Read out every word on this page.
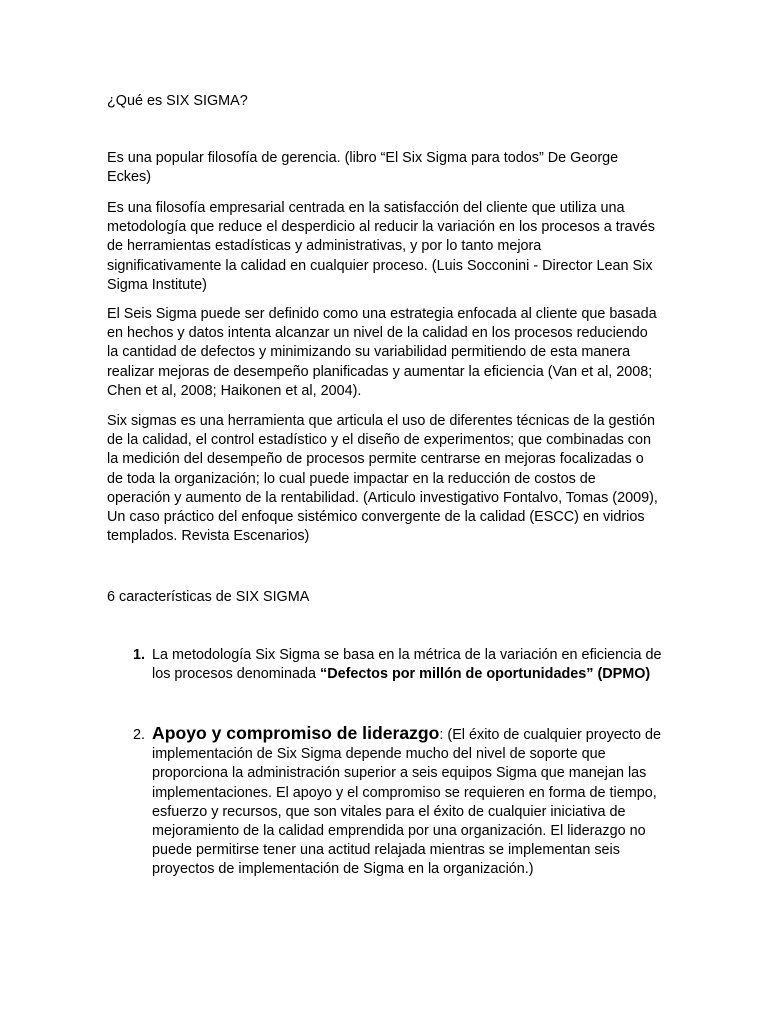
¿Qué es SIX SIGMA?

Es una popular filosofía de gerencia. (libro “El Six Sigma para todos” De George Eckes)

Es una filosofía empresarial centrada en la satisfacción del cliente que utiliza una metodología que reduce el desperdicio al reducir la variación en los procesos a través de herramientas estadísticas y administrativas, y por lo tanto mejora significativamente la calidad en cualquier proceso. (Luis Socconini - Director Lean Six Sigma Institute)

El Seis Sigma puede ser definido como una estrategia enfocada al cliente que basada en hechos y datos intenta alcanzar un nivel de la calidad en los procesos reduciendo la cantidad de defectos y minimizando su variabilidad permitiendo de esta manera realizar mejoras de desempeño planificadas y aumentar la eficiencia (Van et al, 2008; Chen et al, 2008; Haikonen et al, 2004).

Six sigmas es una herramienta que articula el uso de diferentes técnicas de la gestión de la calidad, el control estadístico y el diseño de experimentos; que combinadas con la medición del desempeño de procesos permite centrarse en mejoras focalizadas o de toda la organización; lo cual puede impactar en la reducción de costos de operación y aumento de la rentabilidad. (Articulo investigativo Fontalvo, Tomas (2009), Un caso práctico del enfoque sistémico convergente de la calidad (ESCC) en vidrios templados. Revista Escenarios)

6 características de SIX SIGMA

1. La metodología Six Sigma se basa en la métrica de la variación en eficiencia de los procesos denominada “Defectos por millón de oportunidades” (DPMO)

2. Apoyo y compromiso de liderazgo: (El éxito de cualquier proyecto de implementación de Six Sigma depende mucho del nivel de soporte que proporciona la administración superior a seis equipos Sigma que manejan las implementaciones. El apoyo y el compromiso se requieren en forma de tiempo, esfuerzo y recursos, que son vitales para el éxito de cualquier iniciativa de mejoramiento de la calidad emprendida por una organización. El liderazgo no puede permitirse tener una actitud relajada mientras se implementan seis proyectos de implementación de Sigma en la organización.)
